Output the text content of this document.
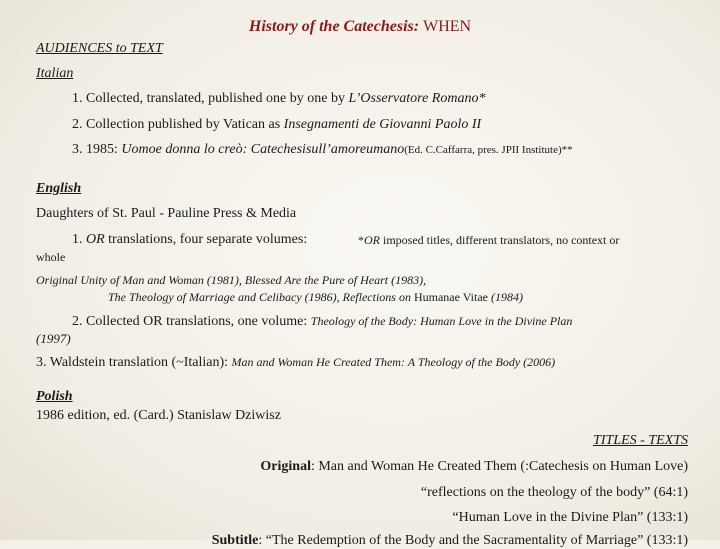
History of the Catechesis: WHEN
AUDIENCES to TEXT
Italian
1. Collected, translated, published one by one by L’Osservatore Romano*
2. Collection published by Vatican as Insegnamenti de Giovanni Paolo II
3. 1985: Uomoe donna lo creò: Catechesisull’amoreumano(Ed. C.Caffarra, pres. JPII Institute)**
English
Daughters of St. Paul - Pauline Press & Media
1. OR translations, four separate volumes:	*OR imposed titles, different translators, no context or
whole
Original Unity of Man and Woman (1981), Blessed Are the Pure of Heart (1983),
The Theology of Marriage and Celibacy (1986), Reflections on Humanae Vitae (1984)
2. Collected OR translations, one volume: Theology of the Body: Human Love in the Divine Plan
(1997)
3. Waldstein translation (~Italian): Man and Woman He Created Them: A Theology of the Body (2006)
Polish
1986 edition, ed. (Card.) Stanislaw Dziwisz
TITLES - TEXTS
Original: Man and Woman He Created Them (:Catechesis on Human Love)
“reflections on the theology of the body” (64:1)
“Human Love in the Divine Plan” (133:1)
Subtitle: “The Redemption of the Body and the Sacramentality of Marriage” (133:1)
